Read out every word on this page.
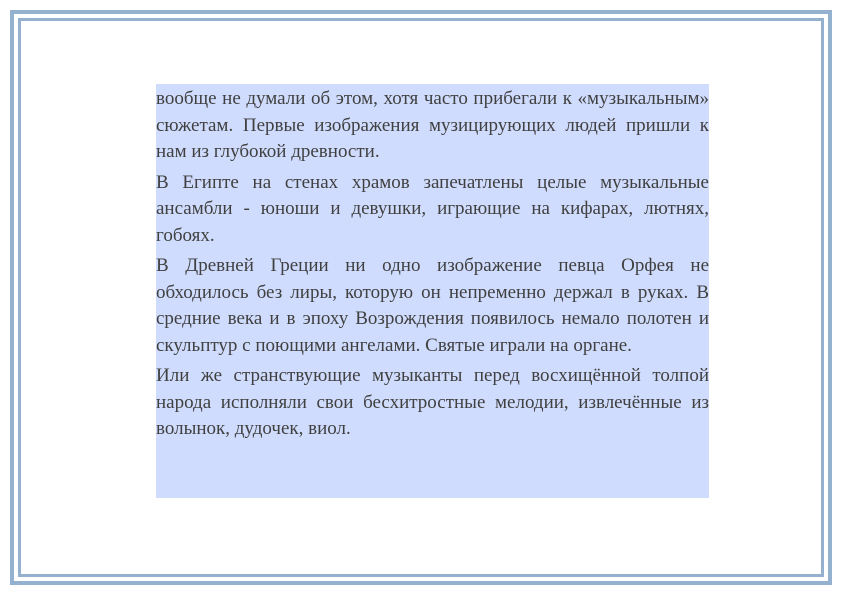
вообще не думали об этом, хотя часто прибегали к «музыкальным» сюжетам. Первые изображения музицирующих людей пришли к нам из глубокой древности.

В Египте на стенах храмов запечатлены целые музыкальные ансамбли - юноши и девушки, играющие на кифарах, лютнях, гобоях.

В Древней Греции ни одно изображение певца Орфея не обходилось без лиры, которую он непременно держал в руках. В средние века и в эпоху Возрождения появилось немало полотен и скульптур с поющими ангелами. Святые играли на органе.

Или же странствующие музыканты перед восхищённой толпой народа исполняли свои бесхитростные мелодии, извлечённые из волынок, дудочек, виол.
